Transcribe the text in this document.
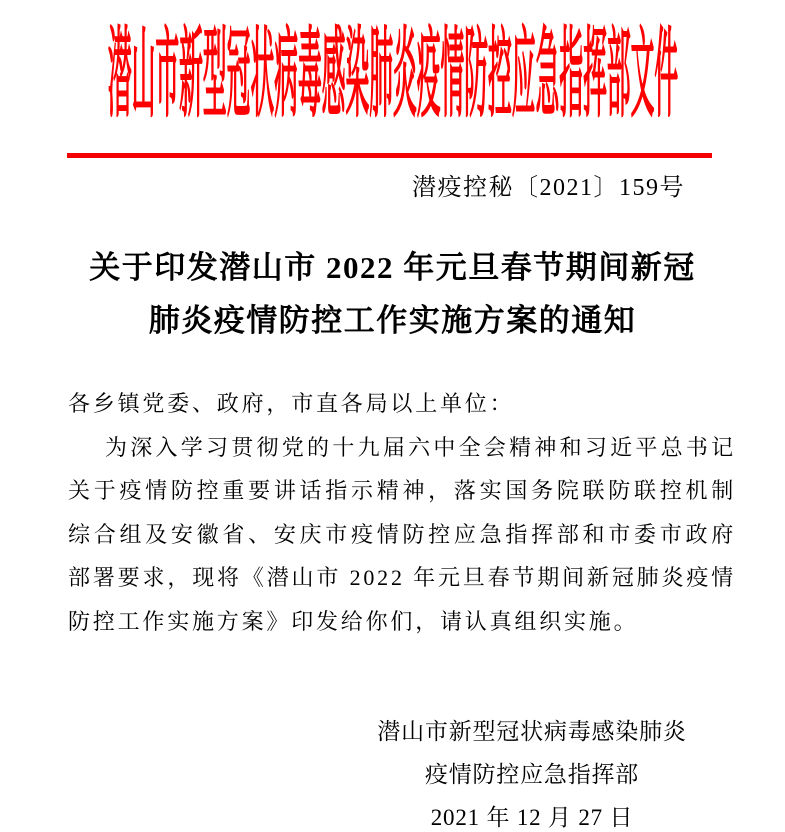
潜山市新型冠状病毒感染肺炎疫情防控应急指挥部文件
潜疫控秘〔2021〕159号
关于印发潜山市 2022 年元旦春节期间新冠
肺炎疫情防控工作实施方案的通知
各乡镇党委、政府，市直各局以上单位：
为深入学习贯彻党的十九届六中全会精神和习近平总书记关于疫情防控重要讲话指示精神，落实国务院联防联控机制综合组及安徽省、安庆市疫情防控应急指挥部和市委市政府部署要求，现将《潜山市 2022 年元旦春节期间新冠肺炎疫情防控工作实施方案》印发给你们，请认真组织实施。
潜山市新型冠状病毒感染肺炎
疫情防控应急指挥部
2021 年 12 月 27 日
